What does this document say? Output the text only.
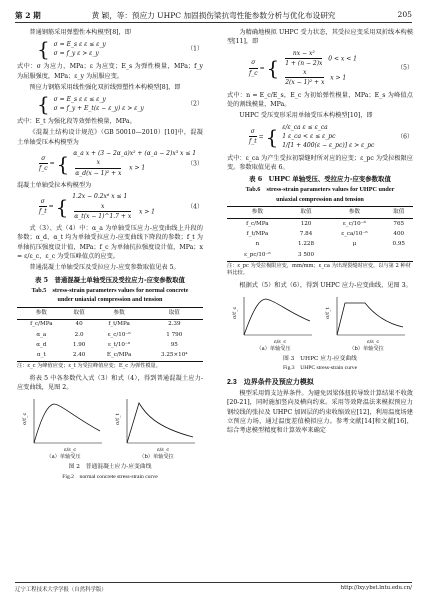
第 2 期	黄 颖，等：预应力 UHPC 加固损伤梁抗弯性能参数分析与优化布设研究	205

普通钢筋采用弹塑性本构模型[8]，即

{ σ = E_s ε ε ≤ ε_y
σ = f_y ε > ε_y
（1）

式中：σ 为应力，MPa；ε 为应变；E_s 为弹性模量，MPa；f_y 为屈服强度，MPa；ε_y 为屈服应变。

预应力钢筋采用线性强化双折线弹塑性本构模型[8]，即

{ σ = E_s ε ε ≤ ε_y
σ = f_y + E_t(ε − ε_y) ε > ε_y
（2）

式中：E_t 为强化段等效弹性模量，MPa。

《混凝土结构设计规范》（GB 50010—2010）[10]中，混凝土单轴受压本构模型为

$\frac{\sigma}{f\_c}$ = { α_a x + (3 − 2α_a)x² + (α_a − 2)x³ x ≤ 1
$\frac{x}{\text{α\_d(x − 1)² + x}}$ x > 1
（3）

混凝土单轴受拉本构模型为

$\frac{\sigma}{f\_t}$ = { 1.2x − 0.2x⁶ x ≤ 1
$\frac{x}{\alpha\_t(x - 1)\^{}1.7 + x}$ x > 1
（4）

式（3）、式（4）中：α_a 为单轴受压应力-应变曲线上升段的参数；α_d、α_t 均为单轴受拉应力-应变曲线下降段的参数；f_t 为单轴抗压强度设计值，MPa；f_c 为单轴抗拉强度设计值，MPa；x = ε/ε_c，ε_c 为受压峰值点的应变。

普通混凝土单轴受压及受拉应力-应变参数取值见表 5。

表 5　普通混凝土单轴受压及受拉应力-应变参数取值
Tab.5　stress-strain parameters values for normal concrete
under uniaxial compression and tension
参数	取值	参数	取值
f_c/MPa	40	f_t/MPa	2.39
α_a	2.0	ε_c/10⁻⁶	1 790
α_d	1.90	ε_t/10⁻⁶	95
α_t	2.40	E_c/MPa	3.25×10⁴
注：ε_c 为峰值应变；ε_t 为受拉峰值应变；E_c 为弹性模量。

将表 5 中各参数代入式（3）和式（4），得到普通混凝土应力-应变曲线，见图 2。

σ/f_c
ε/ε_c
（a）单轴受压
σ/f_t
ε/ε_c
（b）单轴受拉
图 2　普通混凝土应力-应变曲线
Fig.2　normal concrete stress-strain curve

为精确地模拟 UHPC 受力状态，其受拉应变采用双折线本构模型[11]，即

$\frac{\sigma}{f\_c}$ = { $\frac{\text{nx − x²}}{1 + (n - 2)x} 0 < x < 1$
$\frac{x}{\text{2(x − 1)² + x}}$ x > 1
（5）

式中：n = E_c/E_s，E_c 为初始弹性模量，MPa；E_s 为峰值点处的割线模量，MPa。

UHPC 受压变形采用单轴受压本构模型[10]，即

$\frac{\sigma}{f\_t}$ = { ε/ε_ca ε ≤ ε_ca
1 ε_ca < ε ≤ ε_pc
1/[1 + 400(ε − ε_pc)] ε > ε_pc
（6）

式中：ε_ca 为产生受拉初裂缝时所对应的应变；ε_pc 为受拉极限应变。参数取值见表 6。

表 6　UHPC 单轴受压、受拉应力-应变参数取值
Tab.6　stress-strain parameters values for UHPC under
uniaxial compression and tension
参数	取值	参数	取值
f_c/MPa	120	ε_c/10⁻⁶	765
f_t/MPa	7.84	ε_ca/10⁻⁶	400
n	1.228	μ	0.95
ε_pc/10⁻⁶	3 500		
注：ε_pc 为受拉极限应变，mm/mm；ε_ca 为出现裂缝时应变，以与第 2 种材料比较。

根据式（5）和式（6），得到 UHPC 应力-应变曲线，见图 3。

σ/f_c
ε/ε_c
（a）单轴受压
σ/f_t
ε/ε_c
（b）单轴受拉
图 3　UHPC 应力-应变曲线
Fig.3　UHPC stress-strain curve
2.3　边界条件及预应力模拟

模型采用简支边界条件。为避免因梁体扭转导致计算结果不收敛[20-21]，同时施加竖向及横向约束。采用等效降温法来模拟预应力钢绞线的张拉及 UHPC 加固层的约束收缩效应[12]，利用温度场建立预应力场，通过温度差值模拟应力。参考文献[14]和文献[16]，综合考虑模型精度和计算效率来确定

辽宁工程技术大学学报（自然科学版）	http://lxy.ybst.lntu.edu.cn/
